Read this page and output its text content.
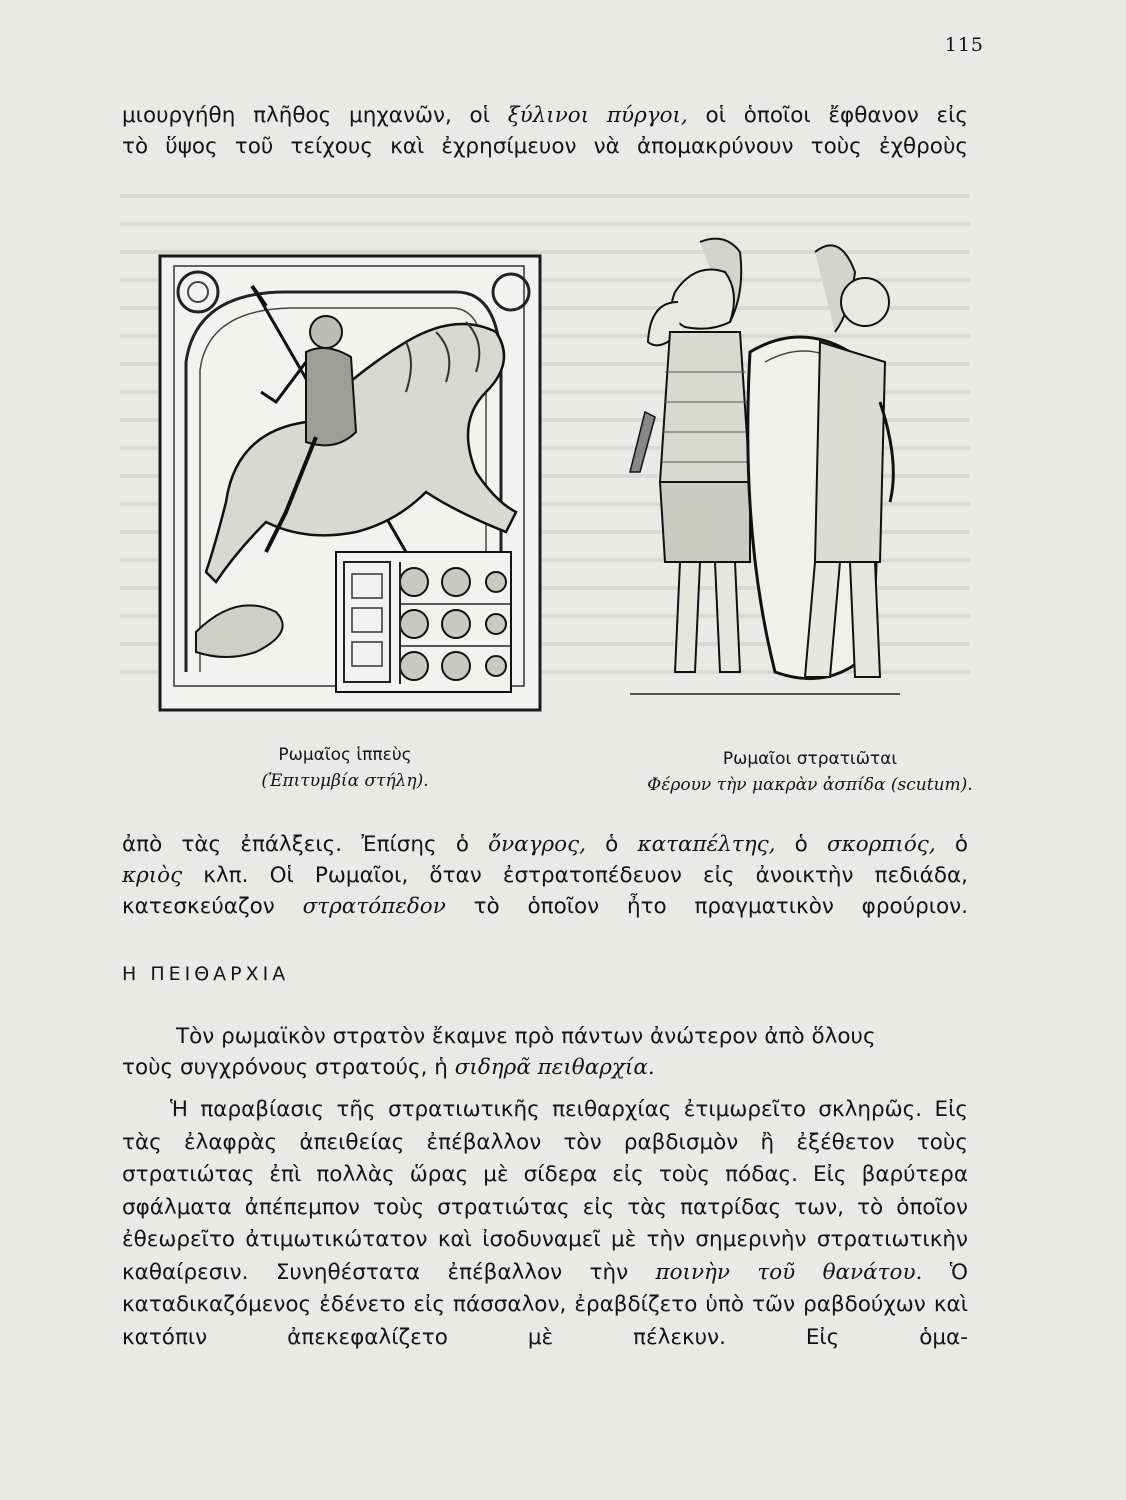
115

μιουργήθη πλῆθος μηχανῶν, οἱ ξύλινοι πύργοι, οἱ ὁποῖοι ἔφθανον εἰς
τὸ ὕψος τοῦ τείχους καὶ ἐχρησίμευον νὰ ἀπομακρύνουν τοὺς ἐχθροὺς

Ρωμαῖος ἱππεὺς
(Ἐπιτυμβία στήλη).
Ρωμαῖοι στρατιῶται
Φέρουν τὴν μακρὰν ἀσπίδα (scutum).

ἀπὸ τὰς ἐπάλξεις. Ἐπίσης ὁ ὄναγρος, ὁ καταπέλτης, ὁ σκορπιός, ὁ
κριὸς κλπ. Οἱ Ρωμαῖοι, ὅταν ἐστρατοπέδευον εἰς ἀνοικτὴν πεδιάδα,
κατεσκεύαζον στρατόπεδον τὸ ὁποῖον ἦτο πραγματικὸν φρούριον.

Η ΠΕΙΘΑΡΧΙΑ

Τὸν ρωμαϊκὸν στρατὸν ἔκαμνε πρὸ πάντων ἀνώτερον ἀπὸ ὅλους
τοὺς συγχρόνους στρατούς, ἡ σιδηρᾶ πειθαρχία.

Ἡ παραβίασις τῆς στρατιωτικῆς πειθαρχίας ἐτιμωρεῖτο σκληρῶς. Εἰς τὰς ἐλαφρὰς ἀπειθείας ἐπέβαλλον τὸν ραβδισμὸν ἢ ἐξέθετον τοὺς στρατιώτας ἐπὶ πολλὰς ὥρας μὲ σίδερα εἰς τοὺς πόδας. Εἰς βαρύτερα σφάλματα ἀπέπεμπον τοὺς στρατιώτας εἰς τὰς πατρίδας των, τὸ ὁποῖον ἐθεωρεῖτο ἀτιμωτικώτατον καὶ ἰσοδυναμεῖ μὲ τὴν σημερινὴν στρατιωτικὴν καθαίρεσιν. Συνηθέστατα ἐπέβαλλον τὴν ποινὴν τοῦ θανάτου. Ὁ καταδικαζόμενος ἐδένετο εἰς πάσσαλον, ἐραβδίζετο ὑπὸ τῶν ραβδούχων καὶ κατόπιν ἀπεκεφαλίζετο μὲ πέλεκυν. Εἰς ὁμα-
